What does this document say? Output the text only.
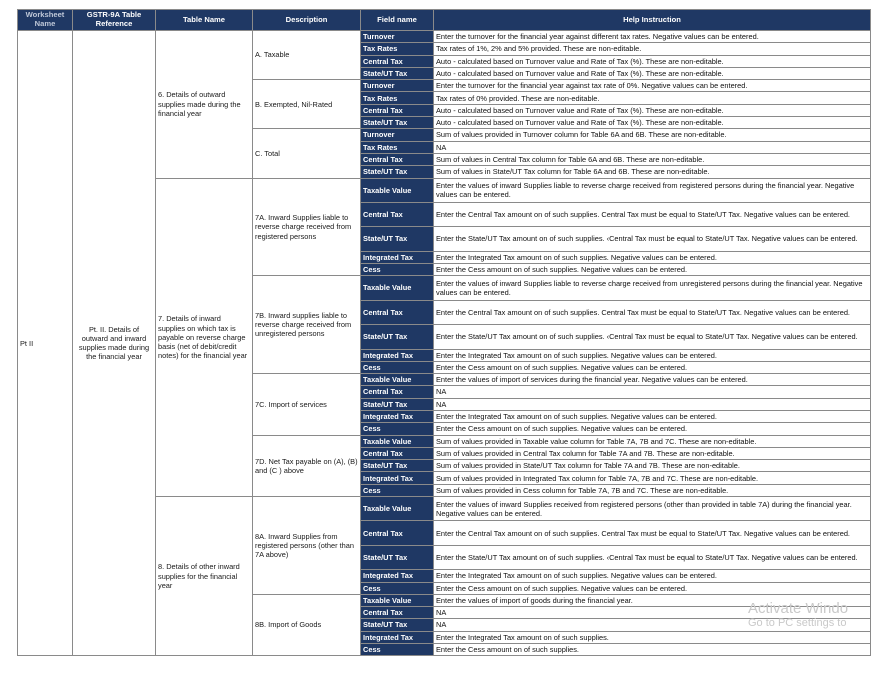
Worksheet Name	GSTR-9A Table Reference	Table Name	Description	Field name	Help Instruction
Pt II	Pt. II. Details of outward and inward supplies made during the financial year	6. Details of outward supplies made during the financial year	A. Taxable	Turnover	Enter the turnover for the financial year against different tax rates. Negative values can be entered.
				Tax Rates	Tax rates of 1%, 2% and 5% provided. These are non-editable.
				Central Tax	Auto - calculated based on Turnover value and Rate of Tax (%). These are non-editable.
				State/UT Tax	Auto - calculated based on Turnover value and Rate of Tax (%). These are non-editable.
			B. Exempted, Nil-Rated	Turnover	Enter the turnover for the financial year against tax rate of 0%. Negative values can be entered.
				Tax Rates	Tax rates of 0% provided. These are non-editable.
				Central Tax	Auto - calculated based on Turnover value and Rate of Tax (%). These are non-editable.
				State/UT Tax	Auto - calculated based on Turnover value and Rate of Tax (%). These are non-editable.
			C. Total	Turnover	Sum of values provided in Turnover column for Table 6A and 6B. These are non-editable.
				Tax Rates	NA
				Central Tax	Sum of values in Central Tax column for Table 6A and 6B. These are non-editable.
				State/UT Tax	Sum of values in State/UT Tax column for Table 6A and 6B. These are non-editable.
		7. Details of inward supplies on which tax is payable on reverse charge basis (net of debit/credit notes) for the financial year	7A. Inward Supplies liable to reverse charge received from registered persons	Taxable Value	Enter the values of inward Supplies liable to reverse charge received from registered persons during the financial year. Negative values can be entered.
				Central Tax	Enter the Central Tax amount on of such supplies. Central Tax must be equal to State/UT Tax. Negative values can be entered.
				State/UT Tax	Enter the State/UT Tax amount on of such supplies. ‹Central Tax must be equal to State/UT Tax. Negative values can be entered.
				Integrated Tax	Enter the Integrated Tax amount on of such supplies. Negative values can be entered.
				Cess	Enter the Cess amount on of such supplies. Negative values can be entered.
			7B. Inward supplies liable to reverse charge received from unregistered persons	Taxable Value	Enter the values of inward Supplies liable to reverse charge received from unregistered persons during the financial year. Negative values can be entered.
				Central Tax	Enter the Central Tax amount on of such supplies. Central Tax must be equal to State/UT Tax. Negative values can be entered.
				State/UT Tax	Enter the State/UT Tax amount on of such supplies. ‹Central Tax must be equal to State/UT Tax. Negative values can be entered.
				Integrated Tax	Enter the Integrated Tax amount on of such supplies. Negative values can be entered.
				Cess	Enter the Cess amount on of such supplies. Negative values can be entered.
			7C. Import of services	Taxable Value	Enter the values of import of services during the financial year. Negative values can be entered.
				Central Tax	NA
				State/UT Tax	NA
				Integrated Tax	Enter the Integrated Tax amount on of such supplies. Negative values can be entered.
				Cess	Enter the Cess amount on of such supplies. Negative values can be entered.
			7D. Net Tax payable on (A), (B) and (C ) above	Taxable Value	Sum of values provided in Taxable value column for Table 7A, 7B and 7C. These are non-editable.
				Central Tax	Sum of values provided in Central Tax column for Table 7A and 7B. These are non-editable.
				State/UT Tax	Sum of values provided in State/UT Tax column for Table 7A and 7B. These are non-editable.
				Integrated Tax	Sum of values provided in Integrated Tax column for Table 7A, 7B and 7C. These are non-editable.
				Cess	Sum of values provided in Cess column for Table 7A, 7B and 7C. These are non-editable.
		8. Details of other inward supplies for the financial year	8A. Inward Supplies from registered persons (other than 7A above)	Taxable Value	Enter the values of inward Supplies received from registered persons (other than provided in table 7A) during the financial year. Negative values can be entered.
				Central Tax	Enter the Central Tax amount on of such supplies. Central Tax must be equal to State/UT Tax. Negative values can be entered.
				State/UT Tax	Enter the State/UT Tax amount on of such supplies. ‹Central Tax must be equal to State/UT Tax. Negative values can be entered.
				Integrated Tax	Enter the Integrated Tax amount on of such supplies. Negative values can be entered.
				Cess	Enter the Cess amount on of such supplies. Negative values can be entered.
			8B. Import of Goods	Taxable Value	Enter the values of import of goods during the financial year.
				Central Tax	NA
				State/UT Tax	NA
				Integrated Tax	Enter the Integrated Tax amount on of such supplies.
				Cess	Enter the Cess amount on of such supplies.
Activate Windo
Go to PC settings to
